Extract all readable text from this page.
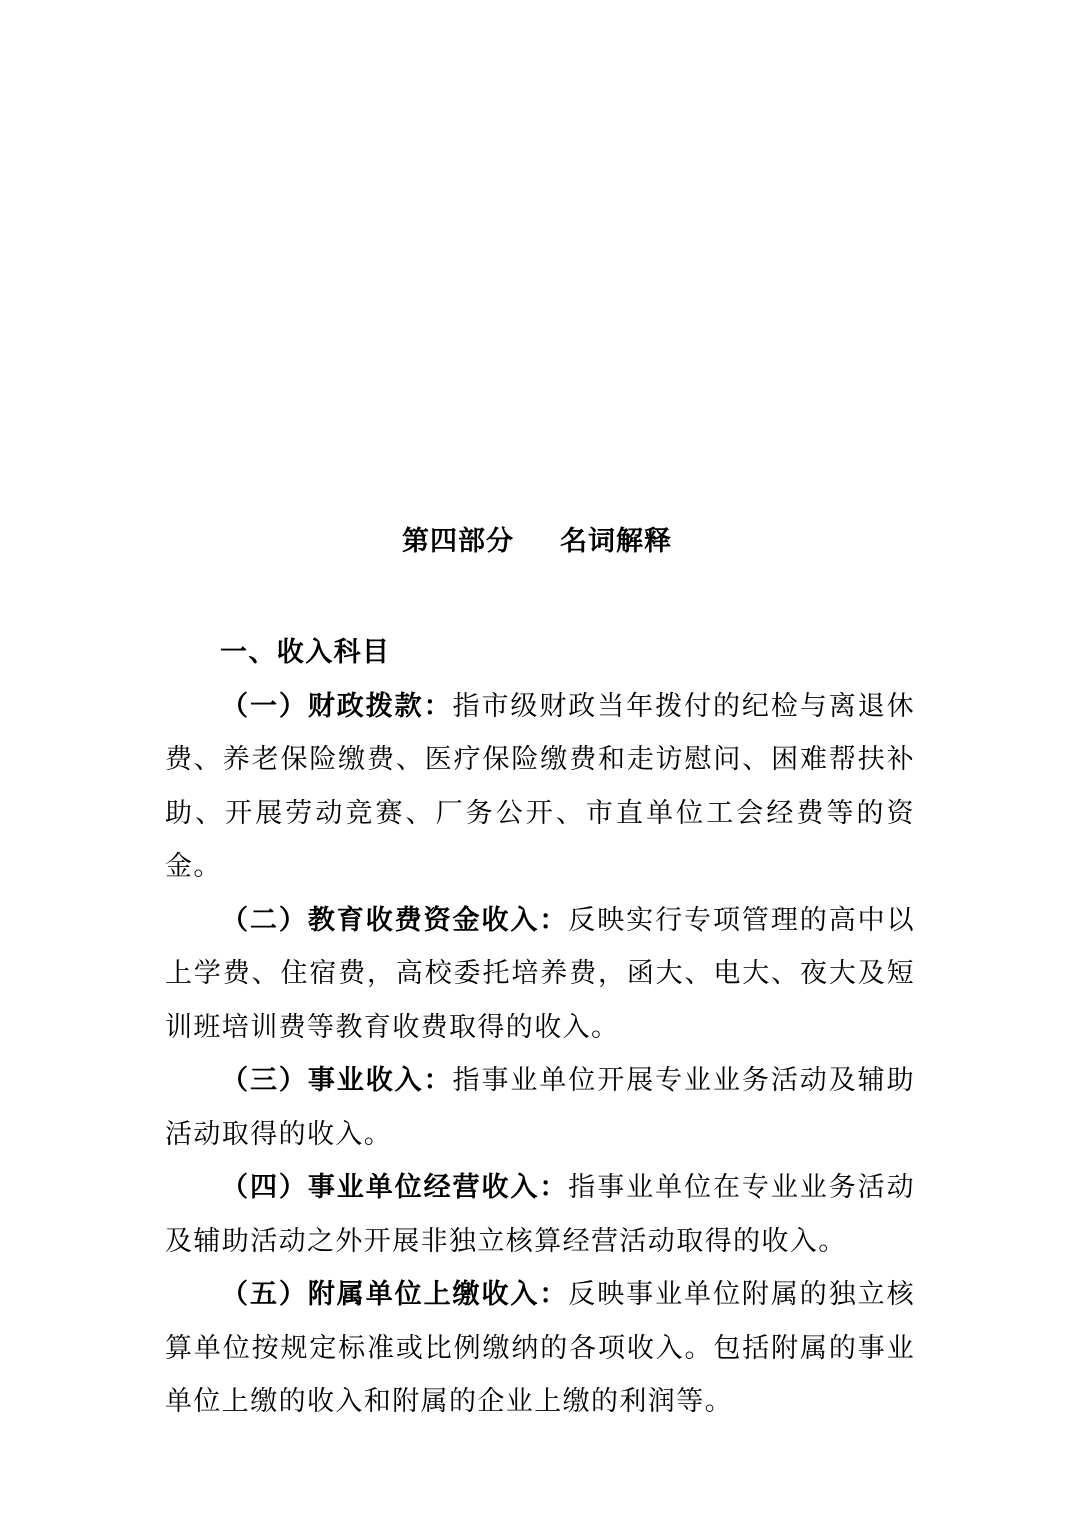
第四部分 名词解释

一、收入科目

（一）财政拨款：指市级财政当年拨付的纪检与离退休费、养老保险缴费、医疗保险缴费和走访慰问、困难帮扶补助、开展劳动竞赛、厂务公开、市直单位工会经费等的资金。

（二）教育收费资金收入：反映实行专项管理的高中以上学费、住宿费，高校委托培养费，函大、电大、夜大及短训班培训费等教育收费取得的收入。

（三）事业收入：指事业单位开展专业业务活动及辅助活动取得的收入。

（四）事业单位经营收入：指事业单位在专业业务活动及辅助活动之外开展非独立核算经营活动取得的收入。

（五）附属单位上缴收入：反映事业单位附属的独立核算单位按规定标准或比例缴纳的各项收入。包括附属的事业单位上缴的收入和附属的企业上缴的利润等。
